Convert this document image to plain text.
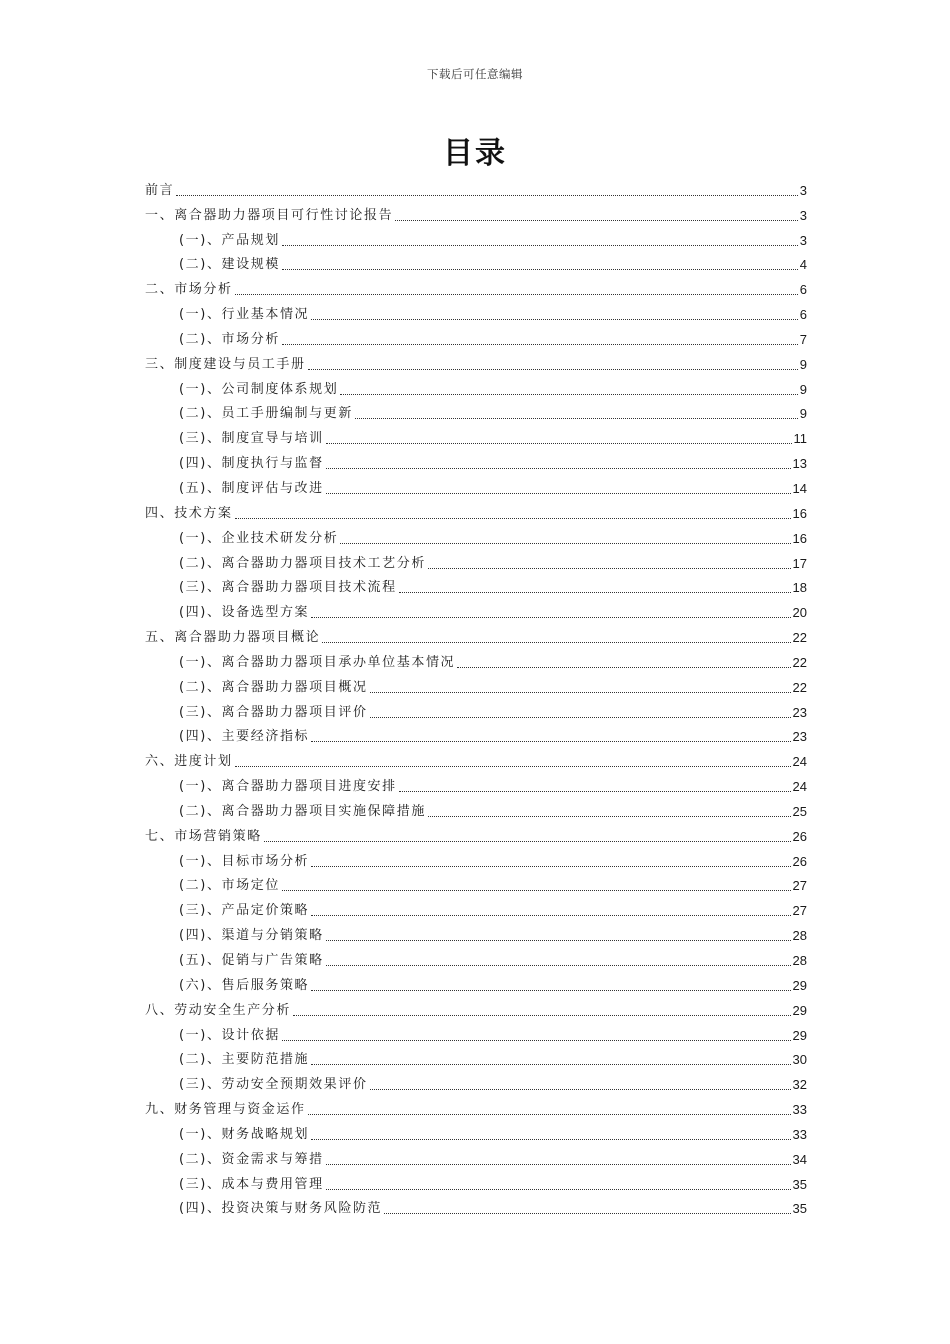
下载后可任意编辑
目录
前言	3
一、离合器助力器项目可行性讨论报告	3
(一)、产品规划	3
(二)、建设规模	4
二、市场分析	6
(一)、行业基本情况	6
(二)、市场分析	7
三、制度建设与员工手册	9
(一)、公司制度体系规划	9
(二)、员工手册编制与更新	9
(三)、制度宣导与培训	11
(四)、制度执行与监督	13
(五)、制度评估与改进	14
四、技术方案	16
(一)、企业技术研发分析	16
(二)、离合器助力器项目技术工艺分析	17
(三)、离合器助力器项目技术流程	18
(四)、设备选型方案	20
五、离合器助力器项目概论	22
(一)、离合器助力器项目承办单位基本情况	22
(二)、离合器助力器项目概况	22
(三)、离合器助力器项目评价	23
(四)、主要经济指标	23
六、进度计划	24
(一)、离合器助力器项目进度安排	24
(二)、离合器助力器项目实施保障措施	25
七、市场营销策略	26
(一)、目标市场分析	26
(二)、市场定位	27
(三)、产品定价策略	27
(四)、渠道与分销策略	28
(五)、促销与广告策略	28
(六)、售后服务策略	29
八、劳动安全生产分析	29
(一)、设计依据	29
(二)、主要防范措施	30
(三)、劳动安全预期效果评价	32
九、财务管理与资金运作	33
(一)、财务战略规划	33
(二)、资金需求与筹措	34
(三)、成本与费用管理	35
(四)、投资决策与财务风险防范	35
